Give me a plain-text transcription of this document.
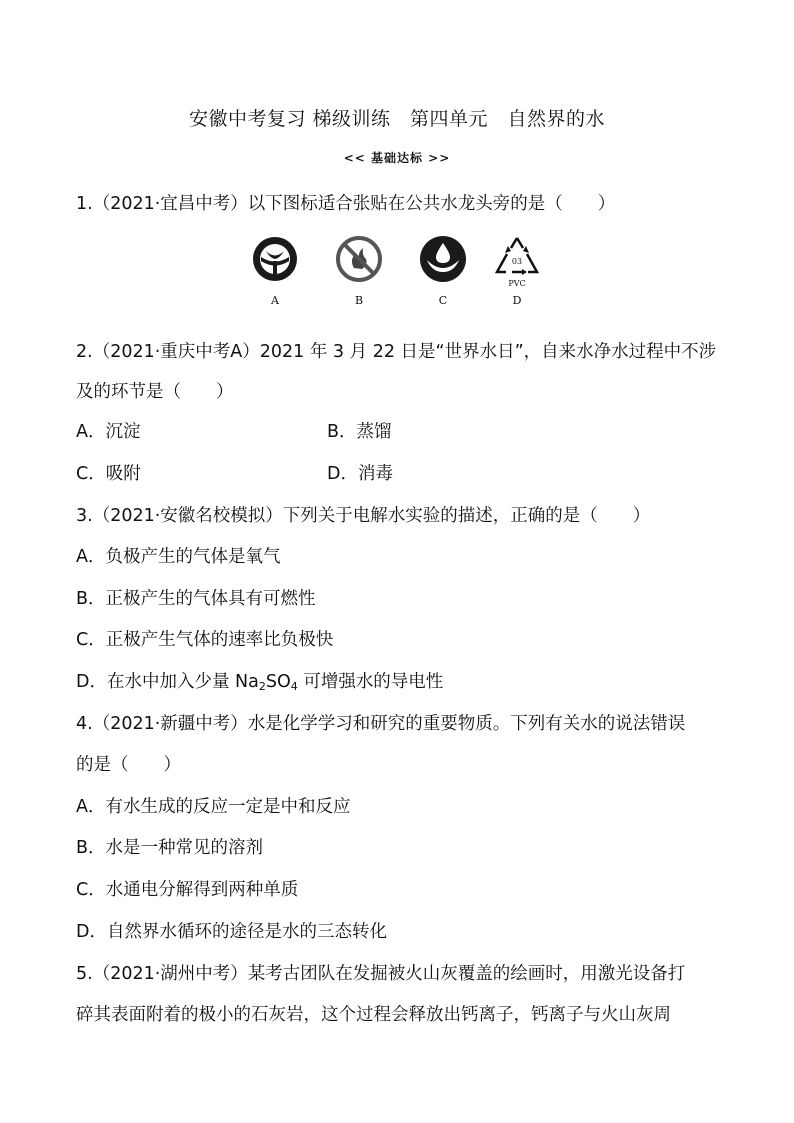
安徽中考复习 梯级训练　第四单元　自然界的水
<< 基础达标 >>
1.（2021·宜昌中考）以下图标适合张贴在公共水龙头旁的是（　　）
A	B	C
03
PVC
D
2.（2021·重庆中考A）2021 年 3 月 22 日是“世界水日”，自来水净水过程中不涉
及的环节是（　　）
A．沉淀	B．蒸馏
C．吸附	D．消毒
3.（2021·安徽名校模拟）下列关于电解水实验的描述，正确的是（　　）
A．负极产生的气体是氧气
B．正极产生的气体具有可燃性
C．正极产生气体的速率比负极快
D．在水中加入少量 $Na_2SO_4$ 可增强水的导电性
4.（2021·新疆中考）水是化学学习和研究的重要物质。下列有关水的说法错误
的是（　　）
A．有水生成的反应一定是中和反应
B．水是一种常见的溶剂
C．水通电分解得到两种单质
D．自然界水循环的途径是水的三态转化
5.（2021·湖州中考）某考古团队在发掘被火山灰覆盖的绘画时，用激光设备打
碎其表面附着的极小的石灰岩，这个过程会释放出钙离子，钙离子与火山灰周
